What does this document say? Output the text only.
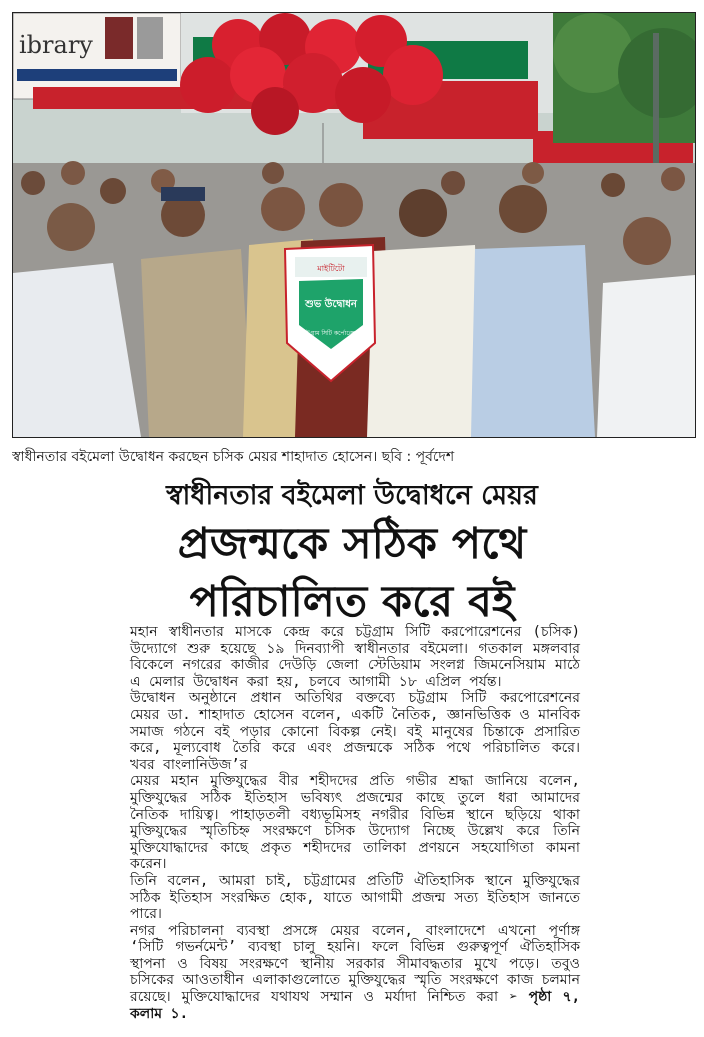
ibrary
মাইটিটো
শুভ উদ্বোধন
চট্টগ্রাম সিটি কর্পোরেশন
স্বাধীনতার বইমেলা উদ্বোধন করছেন চসিক মেয়র শাহাদাত হোসেন। ছবি : পূর্বদেশ
স্বাধীনতার বইমেলা উদ্বোধনে মেয়র
প্রজন্মকে সঠিক পথে
পরিচালিত করে বই

মহান স্বাধীনতার মাসকে কেন্দ্র করে চট্টগ্রাম সিটি করপোরেশনের (চসিক) উদ্যোগে শুরু হয়েছে ১৯ দিনব্যাপী স্বাধীনতার বইমেলা। গতকাল মঙ্গলবার বিকেলে নগরের কাজীর দেউড়ি জেলা স্টেডিয়াম সংলগ্ন জিমনেসিয়াম মাঠে এ মেলার উদ্বোধন করা হয়, চলবে আগামী ১৮ এপ্রিল পর্যন্ত।

উদ্বোধন অনুষ্ঠানে প্রধান অতিথির বক্তব্যে চট্টগ্রাম সিটি করপোরেশনের মেয়র ডা. শাহাদাত হোসেন বলেন, একটি নৈতিক, জ্ঞানভিত্তিক ও মানবিক সমাজ গঠনে বই পড়ার কোনো বিকল্প নেই। বই মানুষের চিন্তাকে প্রসারিত করে, মূল্যবোধ তৈরি করে এবং প্রজন্মকে সঠিক পথে পরিচালিত করে। খবর বাংলানিউজ’র

মেয়র মহান মুক্তিযুদ্ধের বীর শহীদদের প্রতি গভীর শ্রদ্ধা জানিয়ে বলেন, মুক্তিযুদ্ধের সঠিক ইতিহাস ভবিষ্যৎ প্রজন্মের কাছে তুলে ধরা আমাদের নৈতিক দায়িত্ব। পাহাড়তলী বধ্যভূমিসহ নগরীর বিভিন্ন স্থানে ছড়িয়ে থাকা মুক্তিযুদ্ধের স্মৃতিচিহ্ন সংরক্ষণে চসিক উদ্যোগ নিচ্ছে উল্লেখ করে তিনি মুক্তিযোদ্ধাদের কাছে প্রকৃত শহীদদের তালিকা প্রণয়নে সহযোগিতা কামনা করেন।

তিনি বলেন, আমরা চাই, চট্টগ্রামের প্রতিটি ঐতিহাসিক স্থানে মুক্তিযুদ্ধের সঠিক ইতিহাস সংরক্ষিত হোক, যাতে আগামী প্রজন্ম সত্য ইতিহাস জানতে পারে।

নগর পরিচালনা ব্যবস্থা প্রসঙ্গে মেয়র বলেন, বাংলাদেশে এখনো পূর্ণাঙ্গ ‘সিটি গভর্নমেন্ট’ ব্যবস্থা চালু হয়নি। ফলে বিভিন্ন গুরুত্বপূর্ণ ঐতিহাসিক স্থাপনা ও বিষয় সংরক্ষণে স্থানীয় সরকার সীমাবদ্ধতার মুখে পড়ে। তবুও চসিকের আওতাধীন এলাকাগুলোতে মুক্তিযুদ্ধের স্মৃতি সংরক্ষণে কাজ চলমান রয়েছে। মুক্তিযোদ্ধাদের যথাযথ সম্মান ও মর্যাদা নিশ্চিত করা ➢ পৃষ্ঠা ৭, কলাম ১.
